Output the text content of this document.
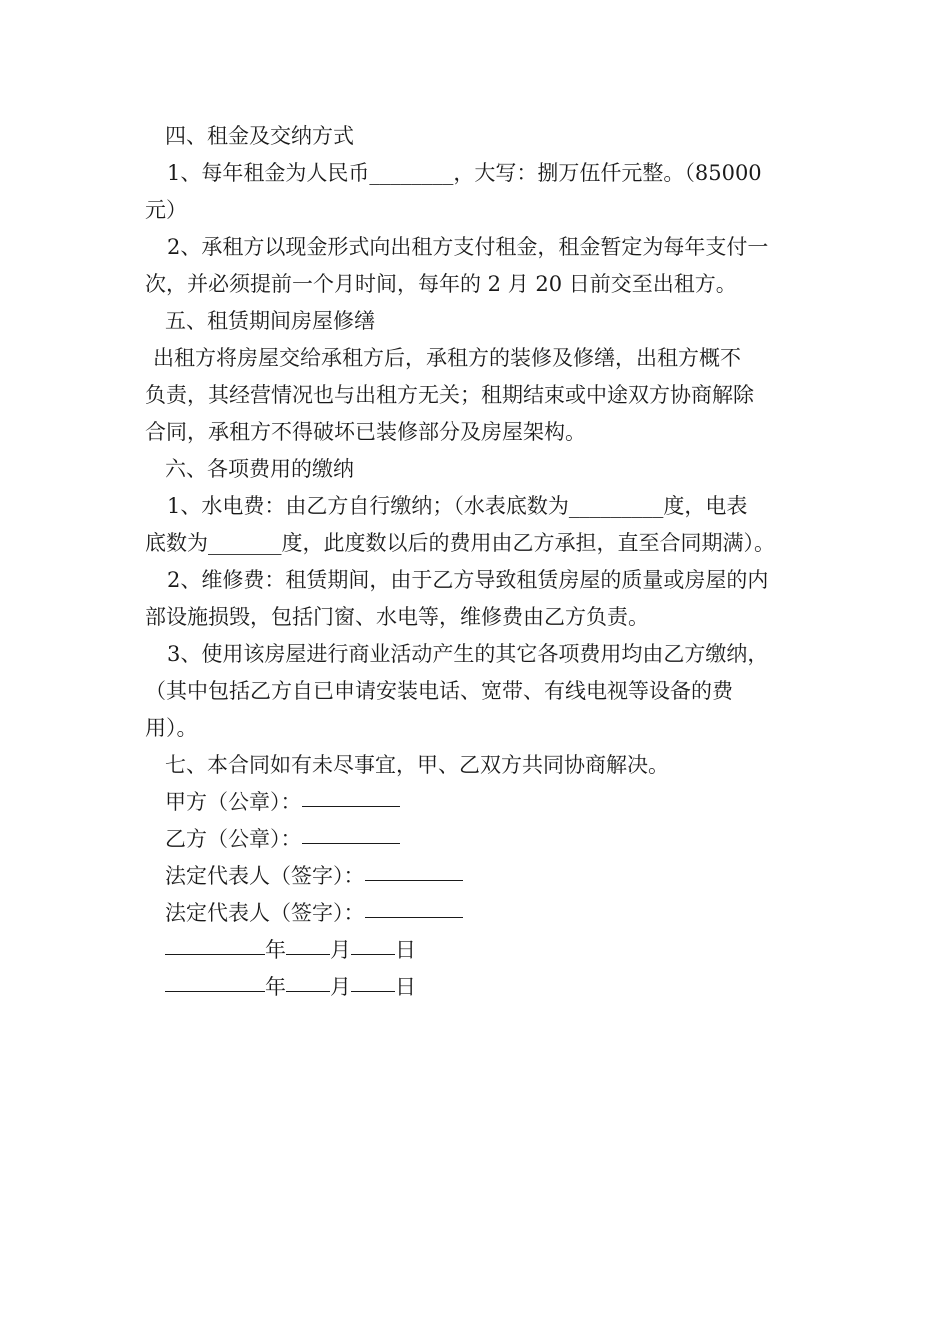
四、租金及交纳方式
1、每年租金为人民币________，大写：捌万伍仟元整。（85000
元）
2、承租方以现金形式向出租方支付租金，租金暂定为每年支付一
次，并必须提前一个月时间，每年的 2 月 20 日前交至出租方。
五、租赁期间房屋修缮
出租方将房屋交给承租方后，承租方的装修及修缮，出租方概不
负责，其经营情况也与出租方无关；租期结束或中途双方协商解除
合同，承租方不得破坏已装修部分及房屋架构。
六、各项费用的缴纳
1、水电费：由乙方自行缴纳；（水表底数为_________度，电表
底数为_______度，此度数以后的费用由乙方承担，直至合同期满）。
2、维修费：租赁期间，由于乙方导致租赁房屋的质量或房屋的内
部设施损毁，包括门窗、水电等，维修费由乙方负责。
3、使用该房屋进行商业活动产生的其它各项费用均由乙方缴纳，
（其中包括乙方自已申请安装电话、宽带、有线电视等设备的费
用）。
七、本合同如有未尽事宜，甲、乙双方共同协商解决。
甲方（公章）：
乙方（公章）：
法定代表人（签字）：
法定代表人（签字）：
年 月 日
年 月 日
